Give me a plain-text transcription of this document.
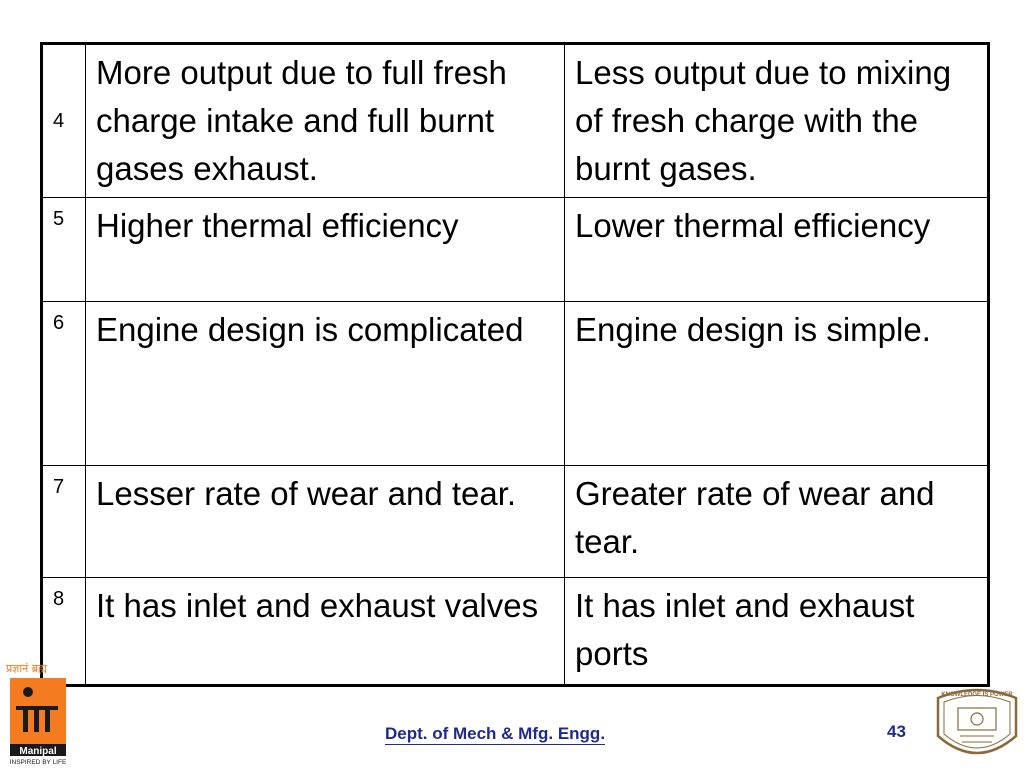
4	More output due to full fresh charge intake and full burnt gases exhaust.	Less output due to mixing of fresh charge with the burnt gases.
5	Higher thermal efficiency	Lower thermal efficiency
6	Engine design is complicated	Engine design is simple.
7	Lesser rate of wear and tear.	Greater rate of wear and tear.
8	It has inlet and exhaust valves	It has inlet and exhaust ports
प्रज्ञानं ब्रह्म
Manipal
INSPIRED BY LIFE
Dept. of Mech & Mfg. Engg.	43
KNOWLEDGE IS POWER
